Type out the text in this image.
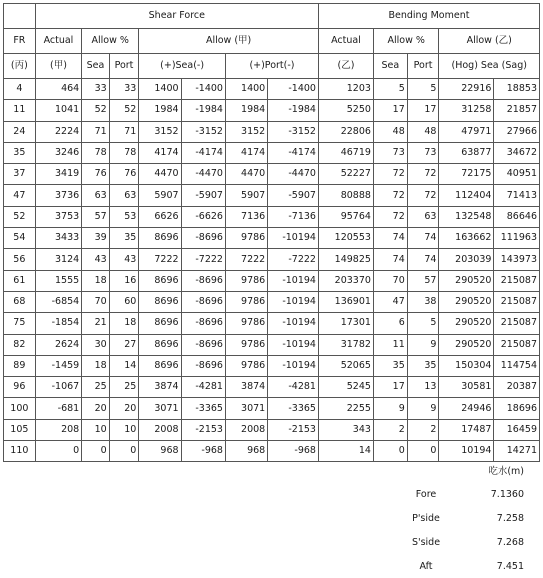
	Shear Force							Bending Moment				
FR	Actual	Allow %		Allow (甲)				Actual	Allow %		Allow (乙)	
(丙)	(甲)	Sea	Port	(+)Sea(-)		(+)Port(-)		(乙)	Sea	Port	(Hog) Sea (Sag)	
4	464	33	33	1400	-1400	1400	-1400	1203	5	5	22916	18853
11	1041	52	52	1984	-1984	1984	-1984	5250	17	17	31258	21857
24	2224	71	71	3152	-3152	3152	-3152	22806	48	48	47971	27966
35	3246	78	78	4174	-4174	4174	-4174	46719	73	73	63877	34672
37	3419	76	76	4470	-4470	4470	-4470	52227	72	72	72175	40951
47	3736	63	63	5907	-5907	5907	-5907	80888	72	72	112404	71413
52	3753	57	53	6626	-6626	7136	-7136	95764	72	63	132548	86646
54	3433	39	35	8696	-8696	9786	-10194	120553	74	74	163662	111963
56	3124	43	43	7222	-7222	7222	-7222	149825	74	74	203039	143973
61	1555	18	16	8696	-8696	9786	-10194	203370	70	57	290520	215087
68	-6854	70	60	8696	-8696	9786	-10194	136901	47	38	290520	215087
75	-1854	21	18	8696	-8696	9786	-10194	17301	6	5	290520	215087
82	2624	30	27	8696	-8696	9786	-10194	31782	11	9	290520	215087
89	-1459	18	14	8696	-8696	9786	-10194	52065	35	35	150304	114754
96	-1067	25	25	3874	-4281	3874	-4281	5245	17	13	30581	20387
100	-681	20	20	3071	-3365	3071	-3365	2255	9	9	24946	18696
105	208	10	10	2008	-2153	2008	-2153	343	2	2	17487	16459
110	0	0	0	968	-968	968	-968	14	0	0	10194	14271
吃水(m)
Fore	7.1360
P'side	7.258
S'side	7.268
Aft	7.451
